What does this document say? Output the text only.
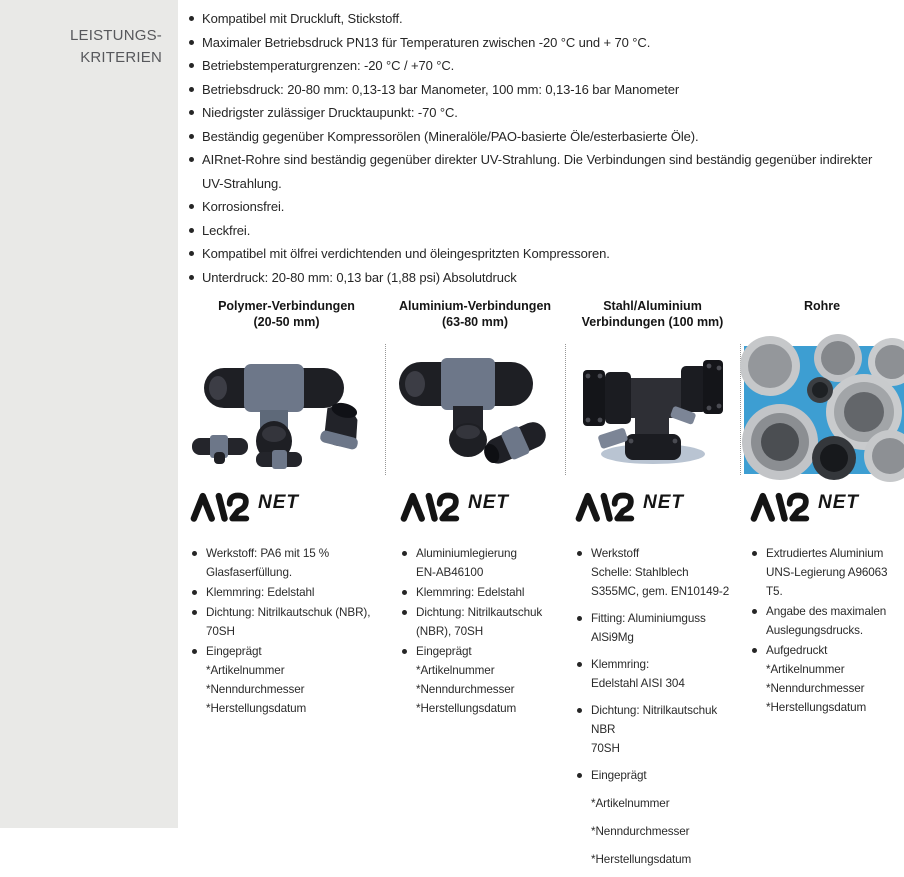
LEISTUNGS-
KRITERIEN
Kompatibel mit Druckluft, Stickstoff.
Maximaler Betriebsdruck PN13 für Temperaturen zwischen -20 °C und + 70 °C.
Betriebstemperaturgrenzen: -20 °C / +70 °C.
Betriebsdruck: 20-80 mm: 0,13-13 bar Manometer, 100 mm: 0,13-16 bar Manometer
Niedrigster zulässiger Drucktaupunkt: -70 °C.
Beständig gegenüber Kompressorölen (Mineralöle/PAO-basierte Öle/esterbasierte Öle).
AIRnet-Rohre sind beständig gegenüber direkter UV-Strahlung. Die Verbindungen sind beständig gegenüber indirekter UV-Strahlung.
Korrosionsfrei.
Leckfrei.
Kompatibel mit ölfrei verdichtenden und öleingespritzten Kompressoren.
Unterdruck: 20-80 mm: 0,13 bar (1,88 psi) Absolutdruck
Polymer-Verbindungen
(20-50 mm)
Aluminium-Verbindungen
(63-80 mm)
Stahl/Aluminium
Verbindungen (100 mm)
Rohre
NET	NET	NET	NET
Werkstoff: PA6 mit 15 %
Glasfaserfüllung.
Klemmring: Edelstahl
Dichtung: Nitrilkautschuk (NBR),
70SH
Eingeprägt
*Artikelnummer
*Nenndurchmesser
*Herstellungsdatum
Aluminiumlegierung
EN-AB46100
Klemmring: Edelstahl
Dichtung: Nitrilkautschuk
(NBR), 70SH
Eingeprägt
*Artikelnummer
*Nenndurchmesser
*Herstellungsdatum
Werkstoff
Schelle: Stahlblech
S355MC, gem. EN10149-2
Fitting: Aluminiumguss
AlSi9Mg
Klemmring:
Edelstahl AISI 304
Dichtung: Nitrilkautschuk NBR
70SH
Eingeprägt
*Artikelnummer
*Nenndurchmesser
*Herstellungsdatum
Extrudiertes Aluminium
UNS-Legierung A96063 T5.
Angabe des maximalen
Auslegungsdrucks.
Aufgedruckt
*Artikelnummer
*Nenndurchmesser
*Herstellungsdatum
